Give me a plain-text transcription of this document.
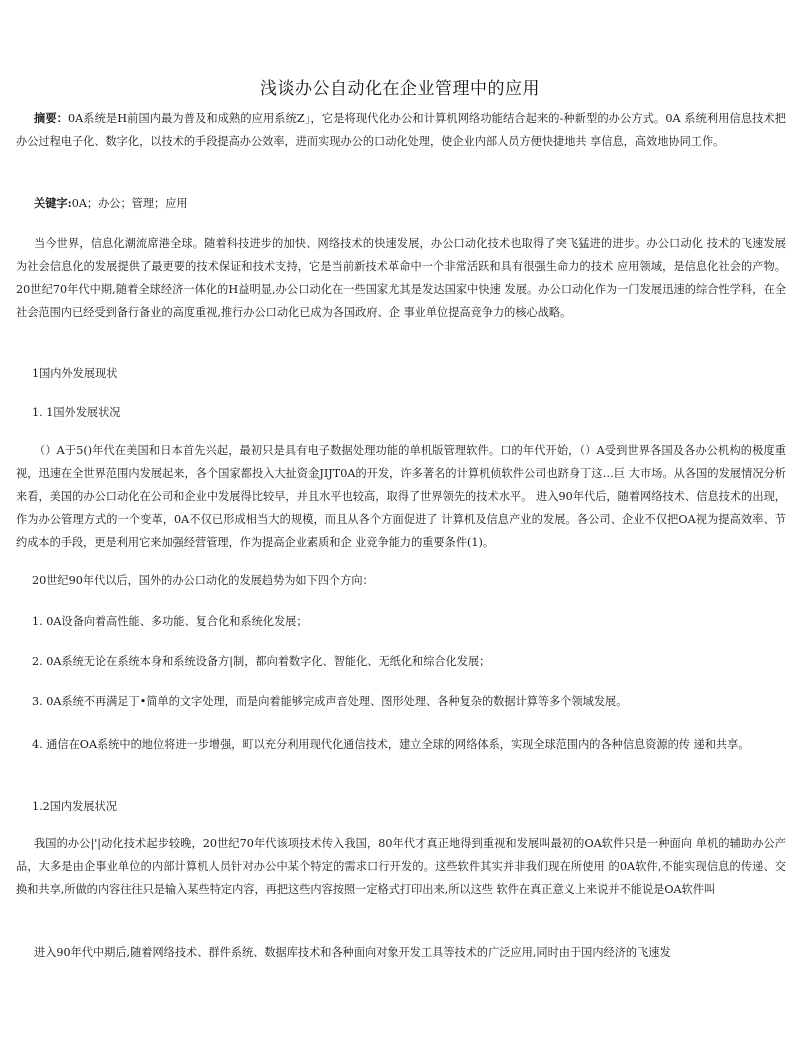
浅谈办公自动化在企业管理中的应用

摘要：0A系统是H前国内最为普及和成熟的应用系统Z」，它是将现代化办公和计算机网络功能结合起来的-种新型的办公方式。0A 系统利用信息技术把办公过程电子化、数字化，以技术的手段提高办公效率，进而实现办公的口动化处理，使企业内部人员方便快捷地共 享信息，高效地协同工作。

关键字:0A；办公；管理；应用

当今世界，信息化潮流席港全球。随着科技进步的加快、网络技术的快速发展，办公口动化技术也取得了突飞猛进的进步。办公口动化 技术的飞速发展为社会信息化的发展提供了最更要的技术保证和技术支持，它是当前新技术革命中一个非常活跃和具有很强生命力的技术 应用领域，是信息化社会的产物。20世纪70年代中期,随着全球经济一体化的H益明显,办公口动化在一些国家尤其是发达国家中快速 发展。办公口动化作为一门发展迅速的综合性学科，在全社会范围内已经受到备行备业的高度重视,推行办公口动化已成为各国政府、企 事业单位提高竞争力的核心战略。

1国内外发展现状

1. 1国外发展状况

（）A于5()年代在美国和日本首先兴起，最初只是具有电子数据处理功能的单机版管理软件。口的年代开始，（）A受到世界各国及各办公机构的极度重视，迅速在全世界范围内发展起来，各个国家都投入大扯资金JIJT0A的开发，许多著名的计算机侦软件公司也跻身丁这…巨 大市场。从各国的发展情况分析来看，美国的办公口动化在公司和企业中发展得比较早，并且水平也较高，取得了世界领先的技术水平。 进入90年代后，随着网络技术、信息技术的出现，作为办公管理方式的一个变革，0A不仅已形成相当大的规模，而且从各个方面促进了 计算机及信息产业的发展。各公司、企业不仅把OA视为提高效率、节约成本的手段，更是利用它来加强经营管理，作为提高企业素质和企 业竞争能力的重要条件(1)。

20世纪90年代以后，国外的办公口动化的发展趋势为如下四个方向：

1. 0A设备向着高性能、多功能、复合化和系统化发展；

2. 0A系统无论在系统本身和系统设备方|制，都向着数字化、智能化、无纸化和综合化发展；

3. 0A系统不再满足丁•简单的文字处理，而是向着能够完成声音处理、图形处理、各种复杂的数据计算等多个领域发展。

4. 通信在OA系统中的地位将进一步增强，町以充分利用现代化通信技术，建立全球的网络体系，实现全球范围内的各种信息资源的传 递和共享。

1.2国内发展状况

我国的办公|'|动化技术起步较晚，20世纪70年代该项技术传入我国，80年代才真正地得到重视和发展叫最初的OA软件只是一种面向 单机的辅助办公产品，大多是由企事业单位的内部计算机人员针对办公中某个特定的需求口行开发的。这些软件其实并非我们现在所使用 的0A软件,不能实现信息的传递、交换和共享,所做的内容往往只是输入某些特定内容，再把这些内容按照一定格式打印出来,所以这些 软件在真正意义上来说并不能说是OA软件叫

进入90年代中期后,随着网络技术、群件系统、数据库技术和各种面向对象开发工具等技术的广泛应用,同时由于国内经济的飞速发
